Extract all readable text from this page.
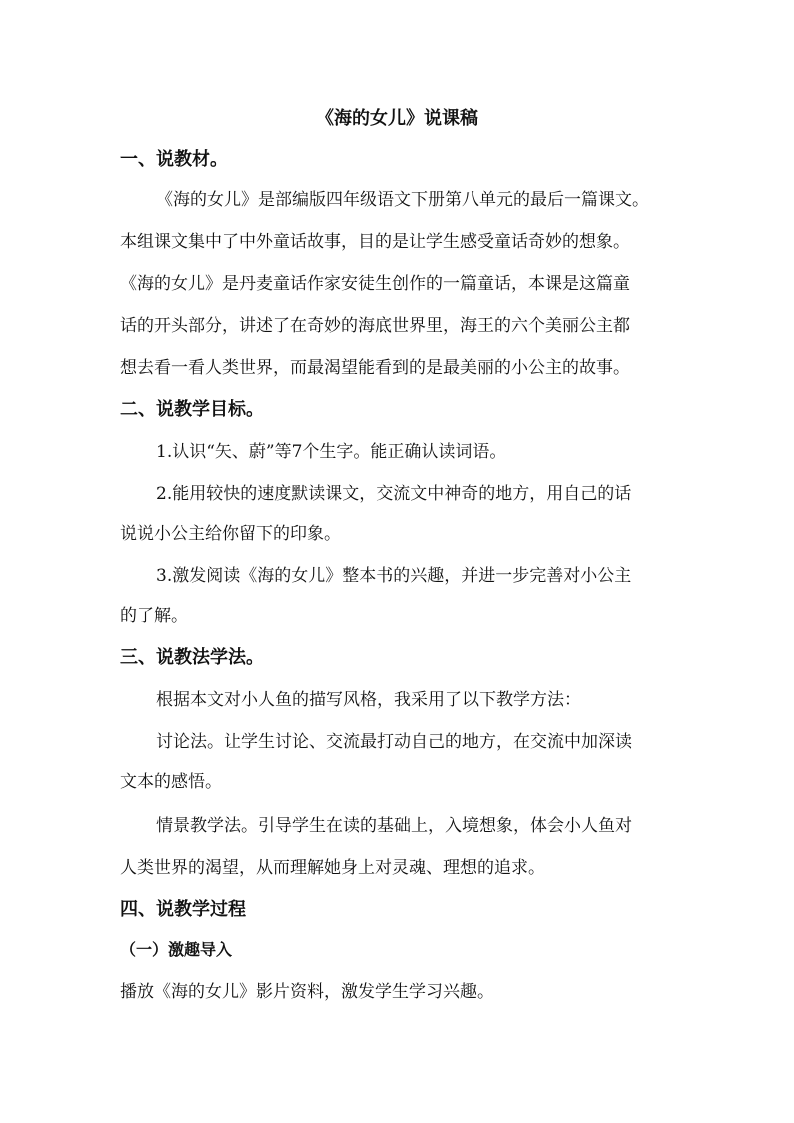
《海的女儿》说课稿
一、说教材。
《海的女儿》是部编版四年级语文下册第八单元的最后一篇课文。
本组课文集中了中外童话故事，目的是让学生感受童话奇妙的想象。
《海的女儿》是丹麦童话作家安徒生创作的一篇童话，本课是这篇童
话的开头部分，讲述了在奇妙的海底世界里，海王的六个美丽公主都
想去看一看人类世界，而最渴望能看到的是最美丽的小公主的故事。
二、说教学目标。
1.认识“矢、蔚”等7个生字。能正确认读词语。
2.能用较快的速度默读课文，交流文中神奇的地方，用自己的话
说说小公主给你留下的印象。
3.激发阅读《海的女儿》整本书的兴趣，并进一步完善对小公主
的了解。
三、说教法学法。
根据本文对小人鱼的描写风格，我采用了以下教学方法：
讨论法。让学生讨论、交流最打动自己的地方，在交流中加深读
文本的感悟。
情景教学法。引导学生在读的基础上，入境想象，体会小人鱼对
人类世界的渴望，从而理解她身上对灵魂、理想的追求。
四、说教学过程
（一）激趣导入
播放《海的女儿》影片资料，激发学生学习兴趣。
